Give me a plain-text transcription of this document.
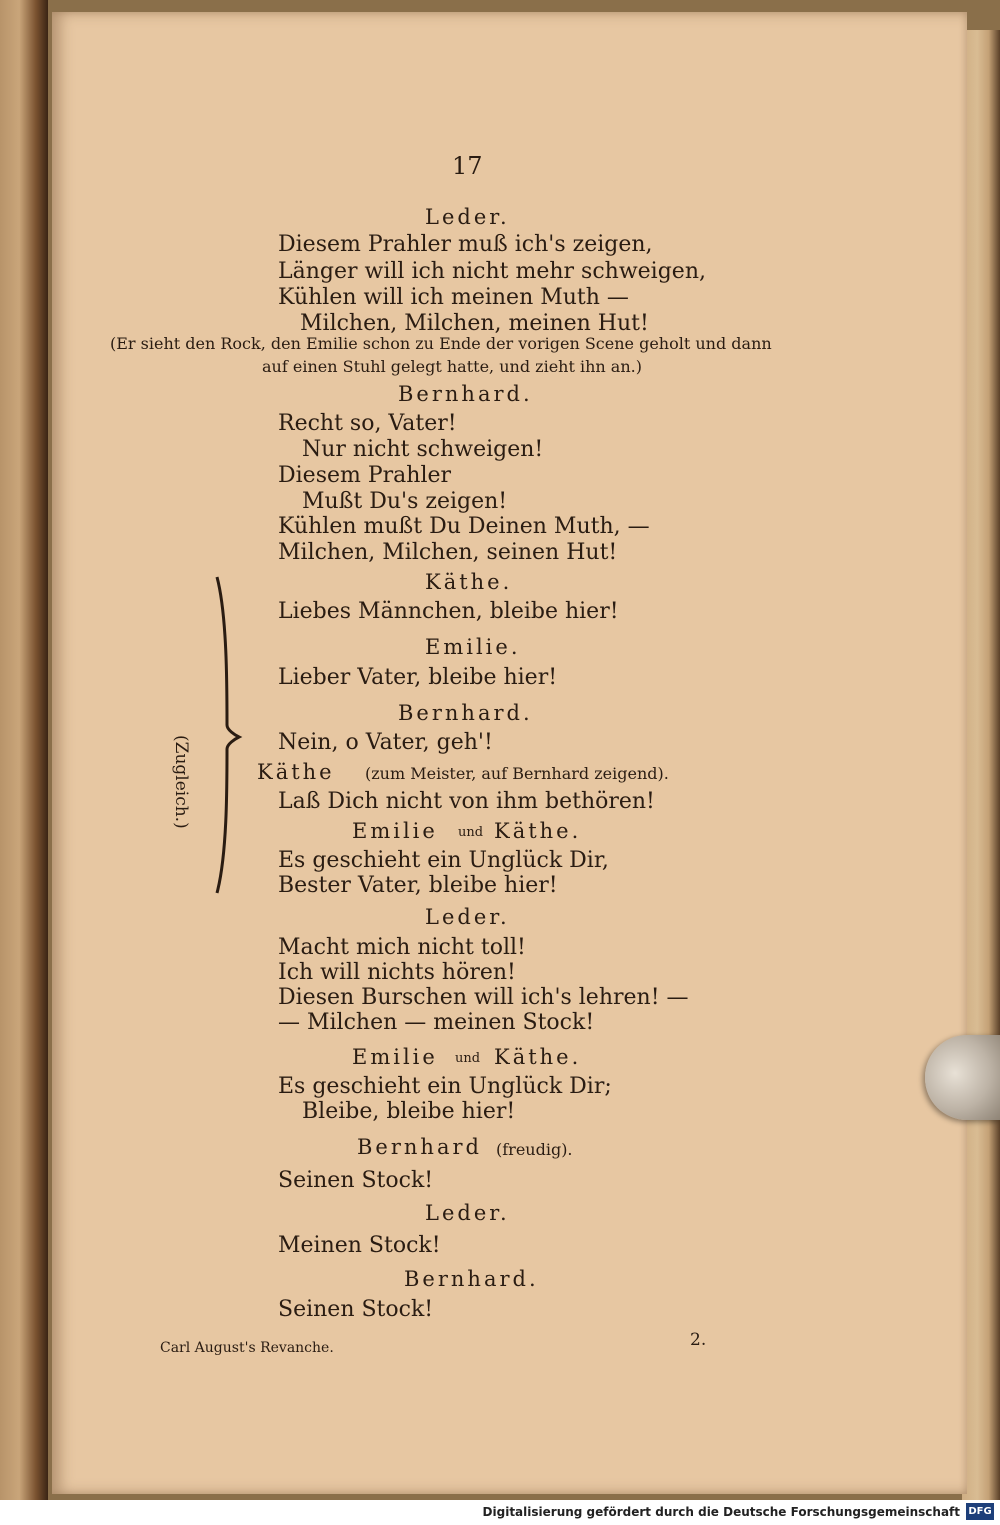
17
Leder.
Diesem Prahler muß ich's zeigen,
Länger will ich nicht mehr schweigen,
Kühlen will ich meinen Muth —
Milchen, Milchen, meinen Hut!
(Er sieht den Rock, den Emilie schon zu Ende der vorigen Scene geholt und dann
auf einen Stuhl gelegt hatte, und zieht ihn an.)
Bernhard.
Recht so, Vater!
Nur nicht schweigen!
Diesem Prahler
Mußt Du's zeigen!
Kühlen mußt Du Deinen Muth, —
Milchen, Milchen, seinen Hut!
Käthe.
Liebes Männchen, bleibe hier!
Emilie.
Lieber Vater, bleibe hier!
Bernhard.
Nein, o Vater, geh'!
Käthe (zum Meister, auf Bernhard zeigend).
Laß Dich nicht von ihm bethören!
Emilie und Käthe.
Es geschieht ein Unglück Dir,
Bester Vater, bleibe hier!
Leder.
Macht mich nicht toll!
Ich will nichts hören!
Diesen Burschen will ich's lehren! —
— Milchen — meinen Stock!
Emilie und Käthe.
Es geschieht ein Unglück Dir;
Bleibe, bleibe hier!
Bernhard (freudig).
Seinen Stock!
Leder.
Meinen Stock!
Bernhard.
Seinen Stock!
(Zugleich.)
Carl August's Revanche.	2.
Digitalisierung gefördert durch die Deutsche Forschungsgemeinschaft DFG
